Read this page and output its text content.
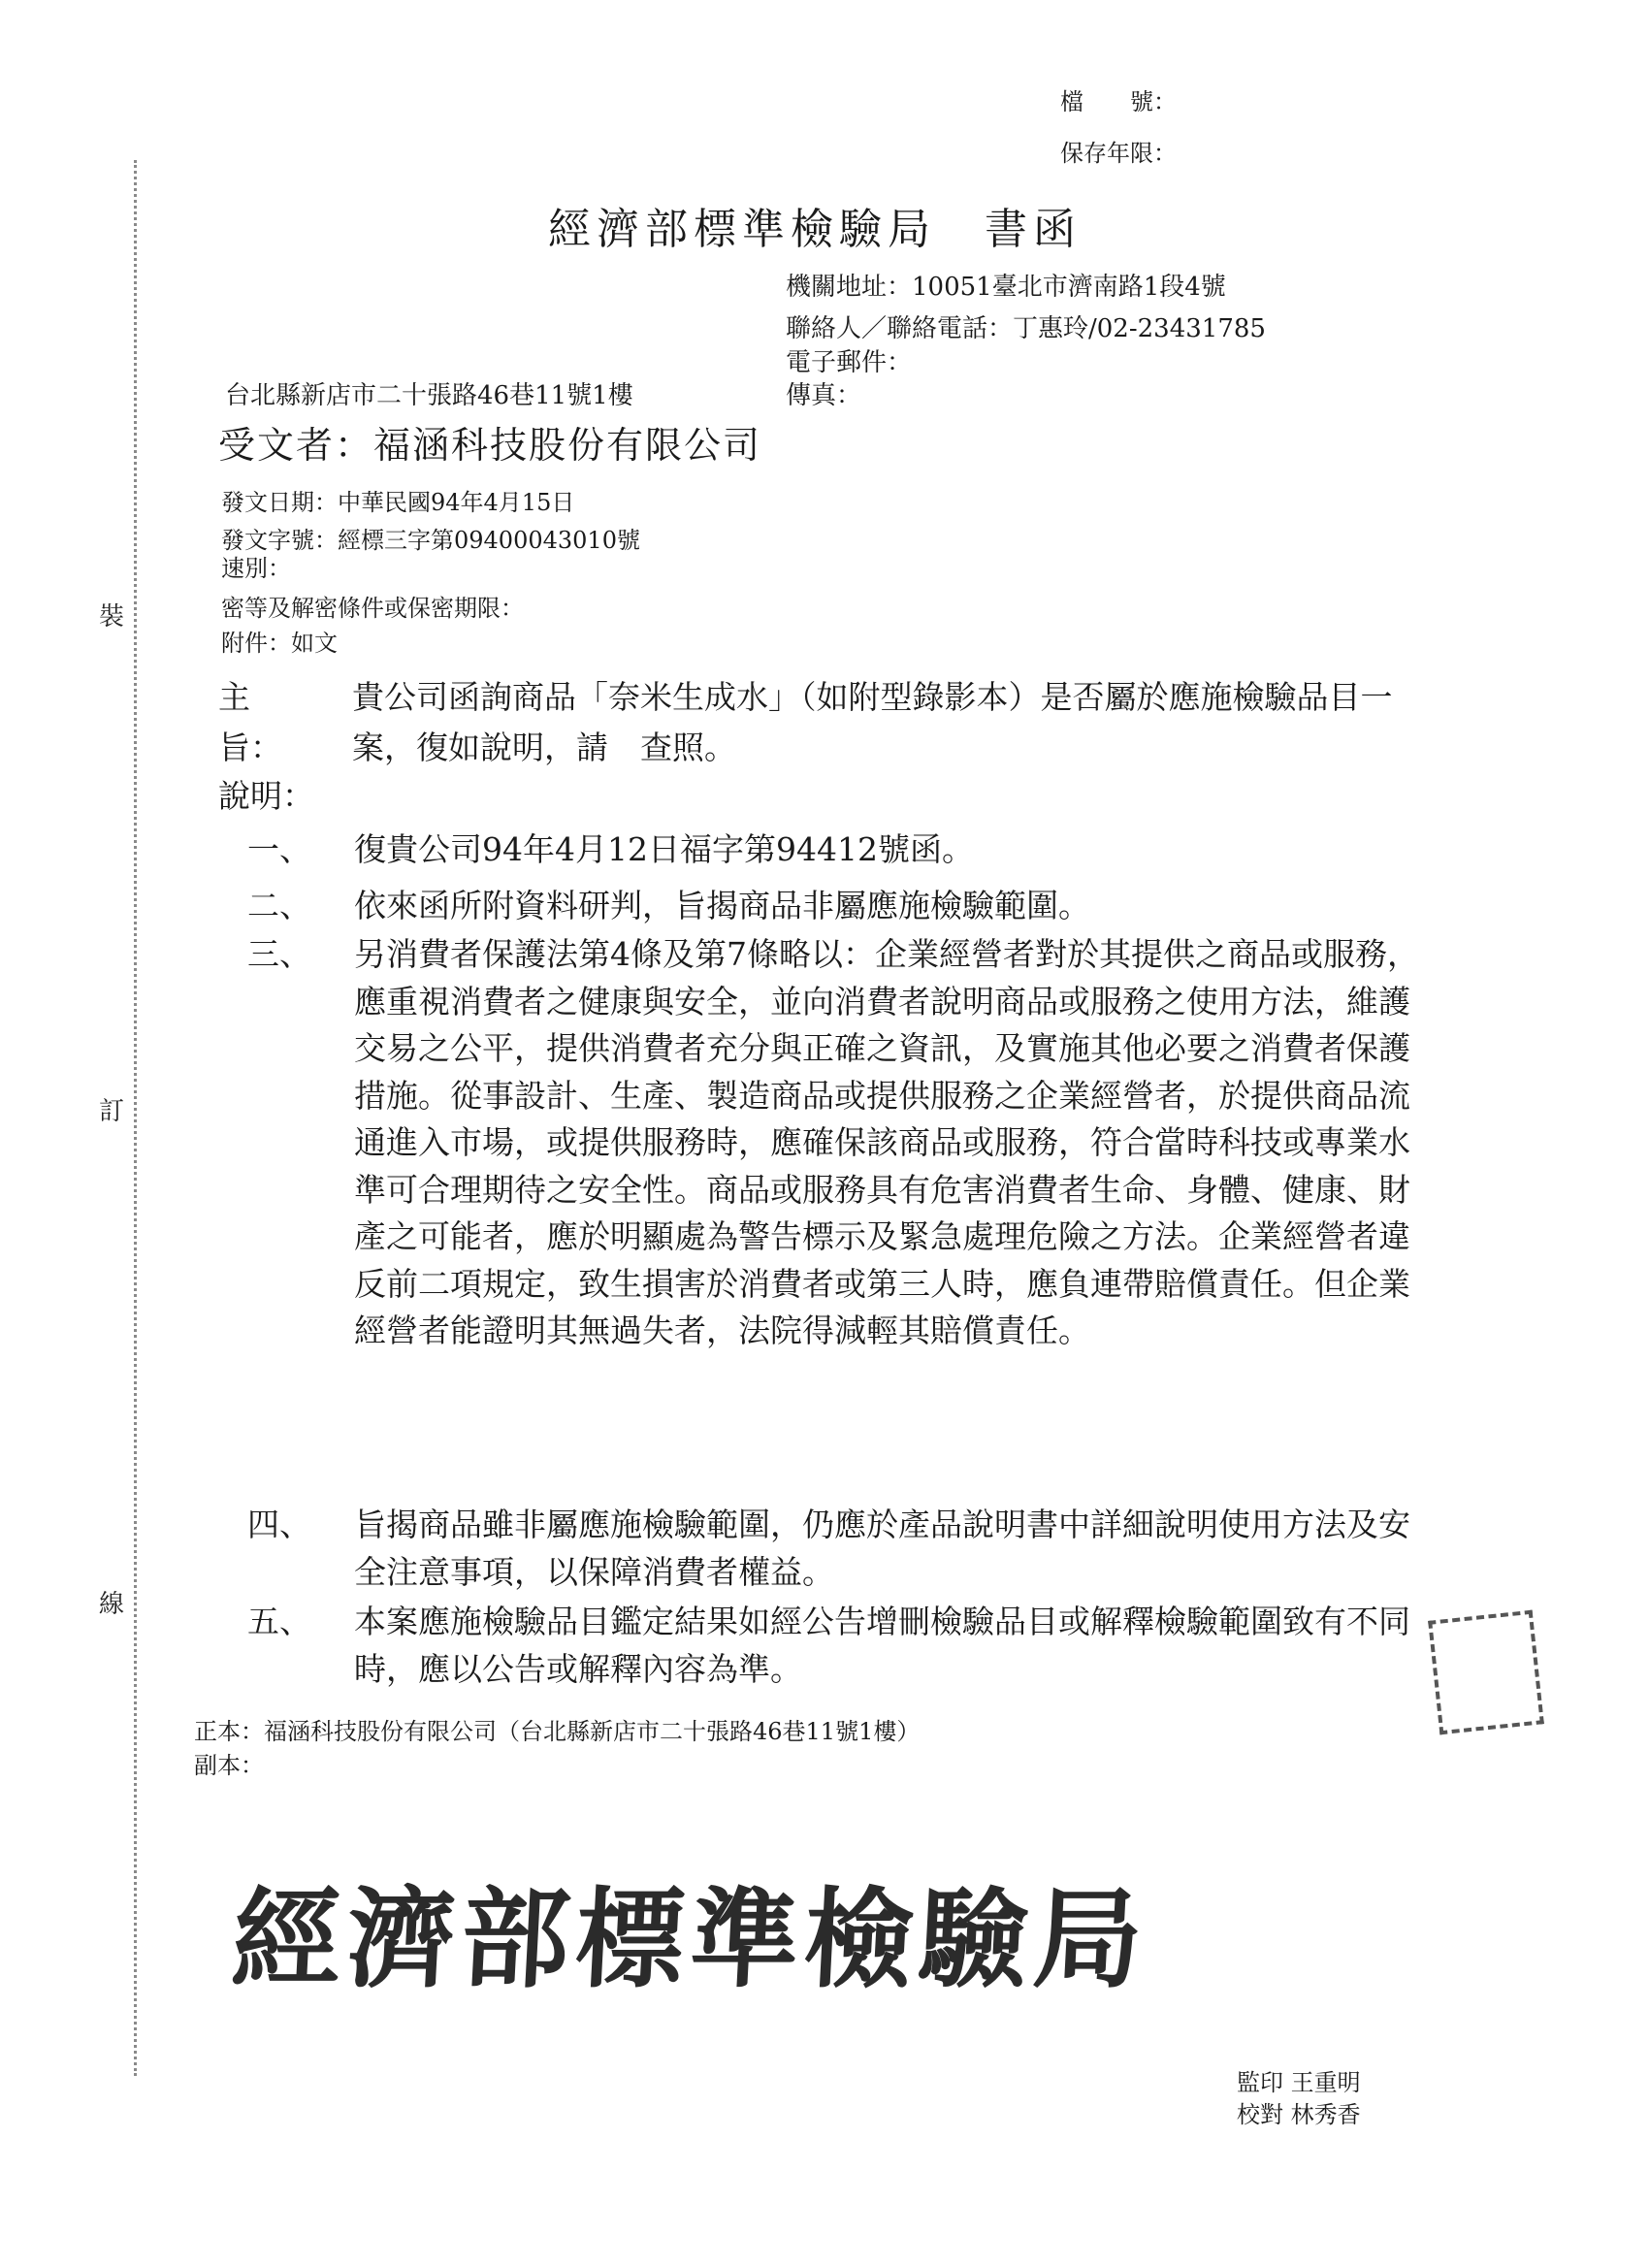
裝
訂
線
檔　　號：
保存年限：
經濟部標準檢驗局　書函
機關地址：10051臺北市濟南路1段4號
聯絡人／聯絡電話：丁惠玲/02-23431785
電子郵件：
台北縣新店市二十張路46巷11號1樓	傳真：
受文者：福涵科技股份有限公司
發文日期：中華民國94年4月15日
發文字號：經標三字第09400043010號
速別：
密等及解密條件或保密期限：
附件：如文
主旨：
貴公司函詢商品「奈米生成水」（如附型錄影本）是否屬於應施檢驗品目一案，復如說明，請　查照。
說明：
一、 復貴公司94年4月12日福字第94412號函。
二、 依來函所附資料研判，旨揭商品非屬應施檢驗範圍。
三、 另消費者保護法第4條及第7條略以：企業經營者對於其提供之商品或服務，應重視消費者之健康與安全，並向消費者說明商品或服務之使用方法，維護交易之公平，提供消費者充分與正確之資訊，及實施其他必要之消費者保護措施。從事設計、生產、製造商品或提供服務之企業經營者，於提供商品流通進入市場，或提供服務時，應確保該商品或服務，符合當時科技或專業水準可合理期待之安全性。商品或服務具有危害消費者生命、身體、健康、財產之可能者，應於明顯處為警告標示及緊急處理危險之方法。企業經營者違反前二項規定，致生損害於消費者或第三人時，應負連帶賠償責任。但企業經營者能證明其無過失者，法院得減輕其賠償責任。
四、 旨揭商品雖非屬應施檢驗範圍，仍應於產品說明書中詳細說明使用方法及安全注意事項，以保障消費者權益。
五、 本案應施檢驗品目鑑定結果如經公告增刪檢驗品目或解釋檢驗範圍致有不同時，應以公告或解釋內容為準。
正本：福涵科技股份有限公司（台北縣新店市二十張路46巷11號1樓）
副本：
經濟部標準檢驗局
監印 王重明
校對 林秀香
